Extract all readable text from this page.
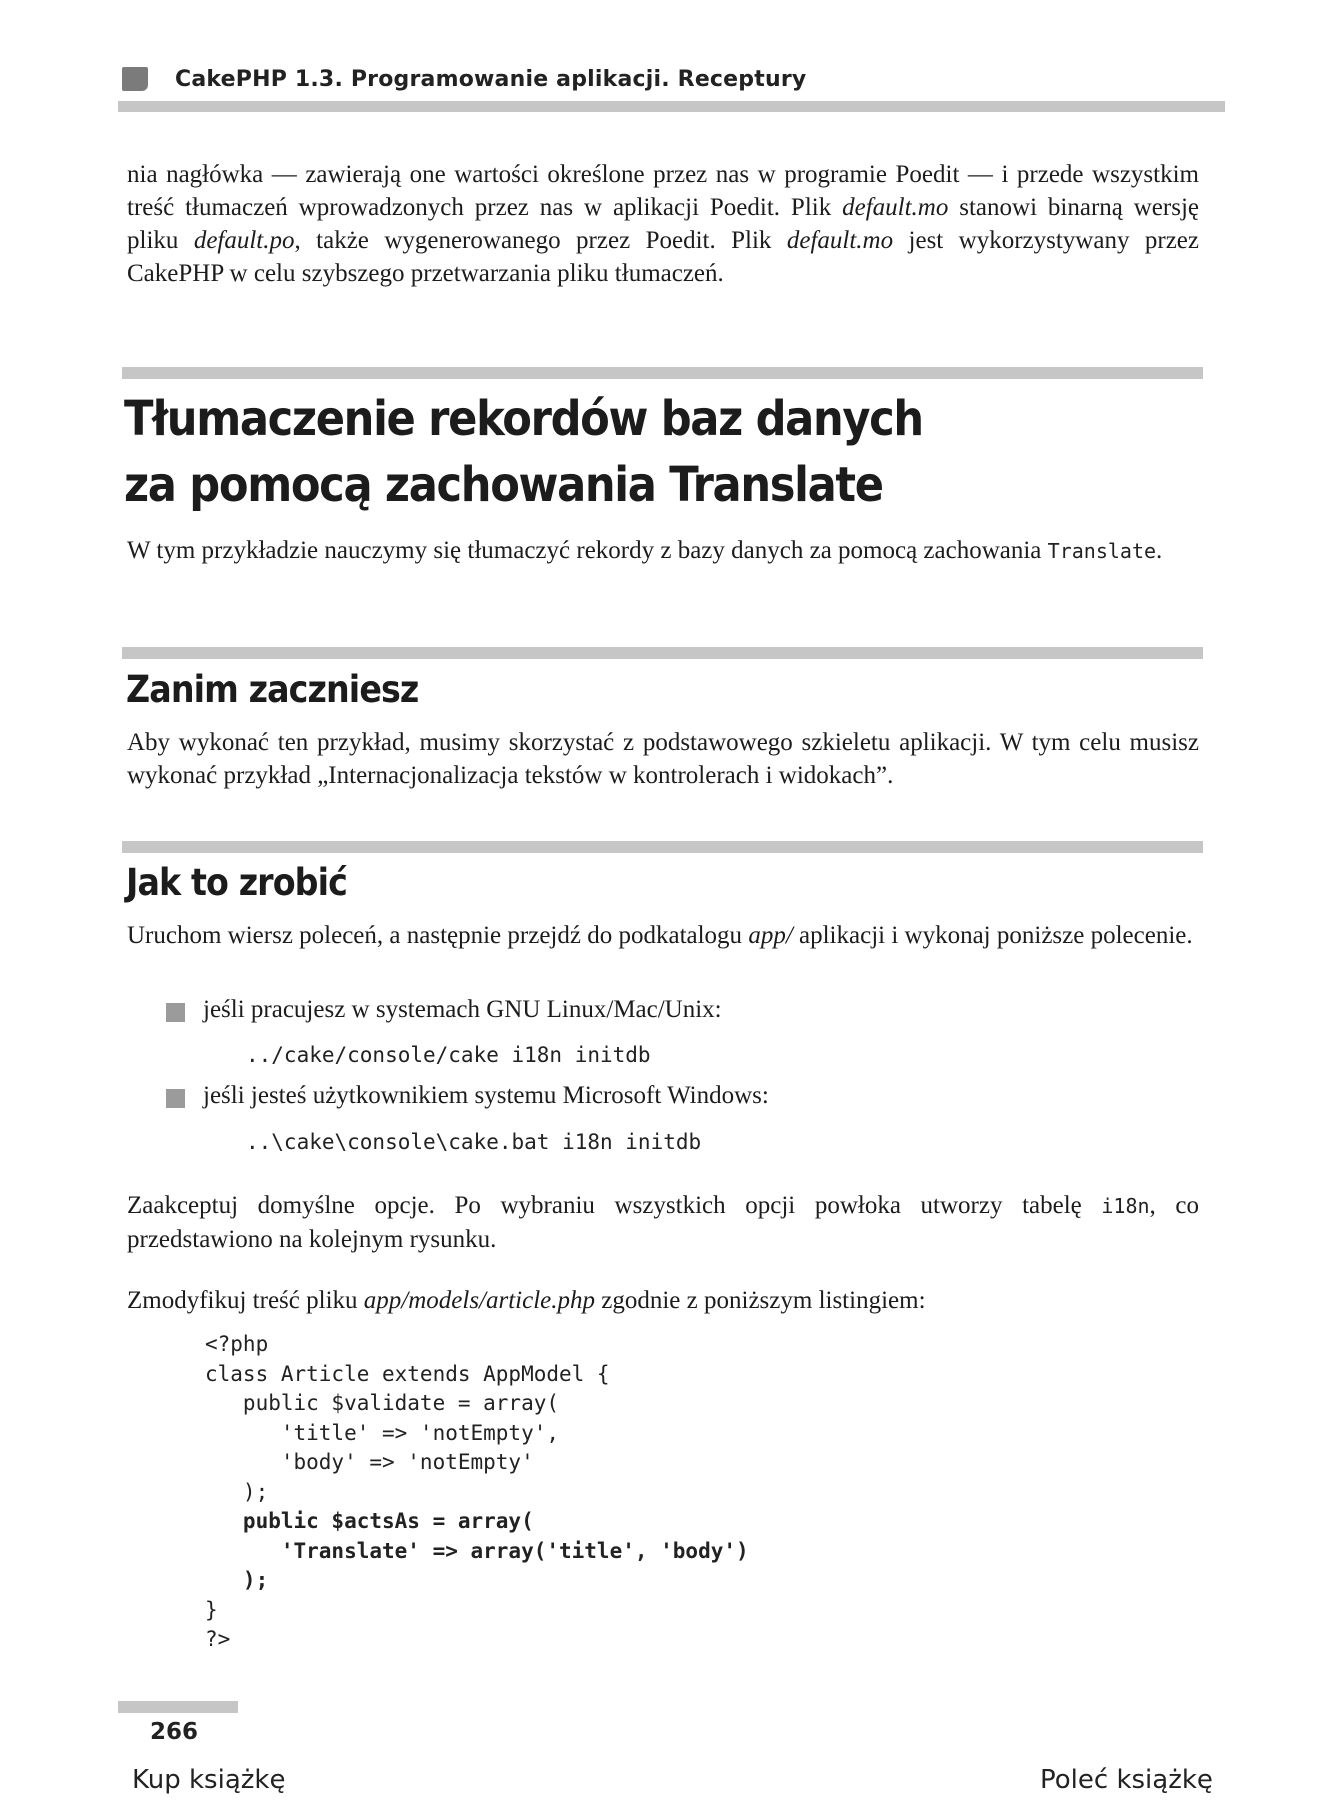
CakePHP 1.3. Programowanie aplikacji. Receptury
nia nagłówka — zawierają one wartości określone przez nas w programie Poedit — i przede wszystkim treść tłumaczeń wprowadzonych przez nas w aplikacji Poedit. Plik default.mo stanowi binarną wersję pliku default.po, także wygenerowanego przez Poedit. Plik default.mo jest wykorzystywany przez CakePHP w celu szybszego przetwarzania pliku tłumaczeń.
Tłumaczenie rekordów baz danych
za pomocą zachowania Translate
W tym przykładzie nauczymy się tłumaczyć rekordy z bazy danych za pomocą zachowania Translate.
Zanim zaczniesz
Aby wykonać ten przykład, musimy skorzystać z podstawowego szkieletu aplikacji. W tym celu musisz wykonać przykład „Internacjonalizacja tekstów w kontrolerach i widokach”.
Jak to zrobić
Uruchom wiersz poleceń, a następnie przejdź do podkatalogu app/ aplikacji i wykonaj poniższe polecenie.
jeśli pracujesz w systemach GNU Linux/Mac/Unix:
../cake/console/cake i18n initdb
jeśli jesteś użytkownikiem systemu Microsoft Windows:
..\cake\console\cake.bat i18n initdb
Zaakceptuj domyślne opcje. Po wybraniu wszystkich opcji powłoka utworzy tabelę i18n, co przedstawiono na kolejnym rysunku.
Zmodyfikuj treść pliku app/models/article.php zgodnie z poniższym listingiem:
<?php
class Article extends AppModel {
public $validate = array(
'title' => 'notEmpty',
'body' => 'notEmpty'
);
public $actsAs = array(
'Translate' => array('title', 'body')
);
}
?>
266
Kup książkę	Poleć książkę
